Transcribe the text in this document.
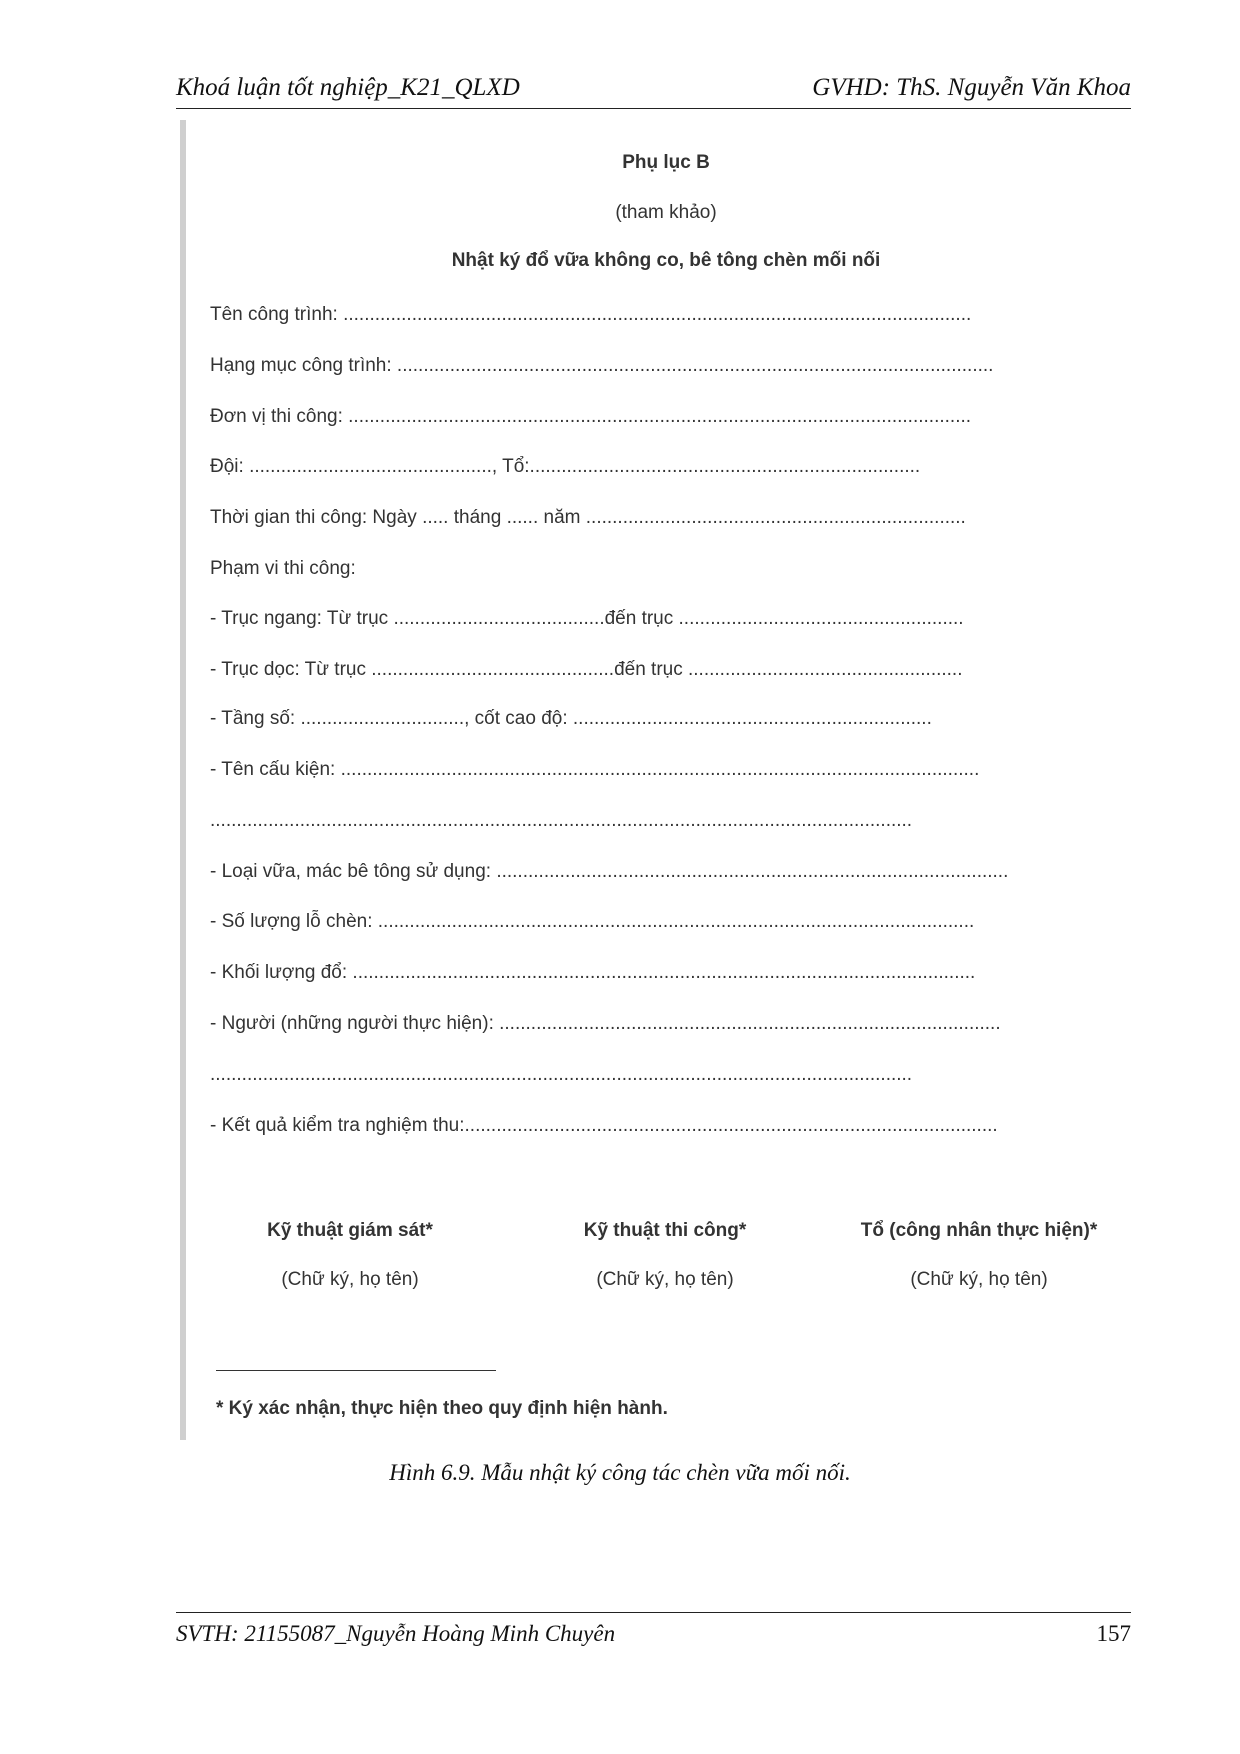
Khoá luận tốt nghiệp_K21_QLXD	GVHD: ThS. Nguyễn Văn Khoa
Phụ lục B
(tham khảo)
Nhật ký đổ vữa không co, bê tông chèn mối nối
Tên công trình: .......................................................................................................................
Hạng mục công trình: .................................................................................................................
Đơn vị thi công: ......................................................................................................................
Đội: .............................................., Tổ:..........................................................................
Thời gian thi công: Ngày ..... tháng ...... năm ........................................................................
Phạm vi thi công:
- Trục ngang: Từ trục ........................................đến trục ......................................................
- Trục dọc: Từ trục ..............................................đến trục ....................................................
- Tầng số: ..............................., cốt cao độ: ....................................................................
- Tên cấu kiện: .........................................................................................................................
.....................................................................................................................................
- Loại vữa, mác bê tông sử dụng: .................................................................................................
- Số lượng lỗ chèn: .................................................................................................................
- Khối lượng đổ: ......................................................................................................................
- Người (những người thực hiện): ...............................................................................................
.....................................................................................................................................
- Kết quả kiểm tra nghiệm thu:.....................................................................................................
Kỹ thuật giám sát*
(Chữ ký, họ tên)
Kỹ thuật thi công*
(Chữ ký, họ tên)
Tổ (công nhân thực hiện)*
(Chữ ký, họ tên)
* Ký xác nhận, thực hiện theo quy định hiện hành.
Hình 6.9. Mẫu nhật ký công tác chèn vữa mối nối.
SVTH: 21155087_Nguyễn Hoàng Minh Chuyên	157
